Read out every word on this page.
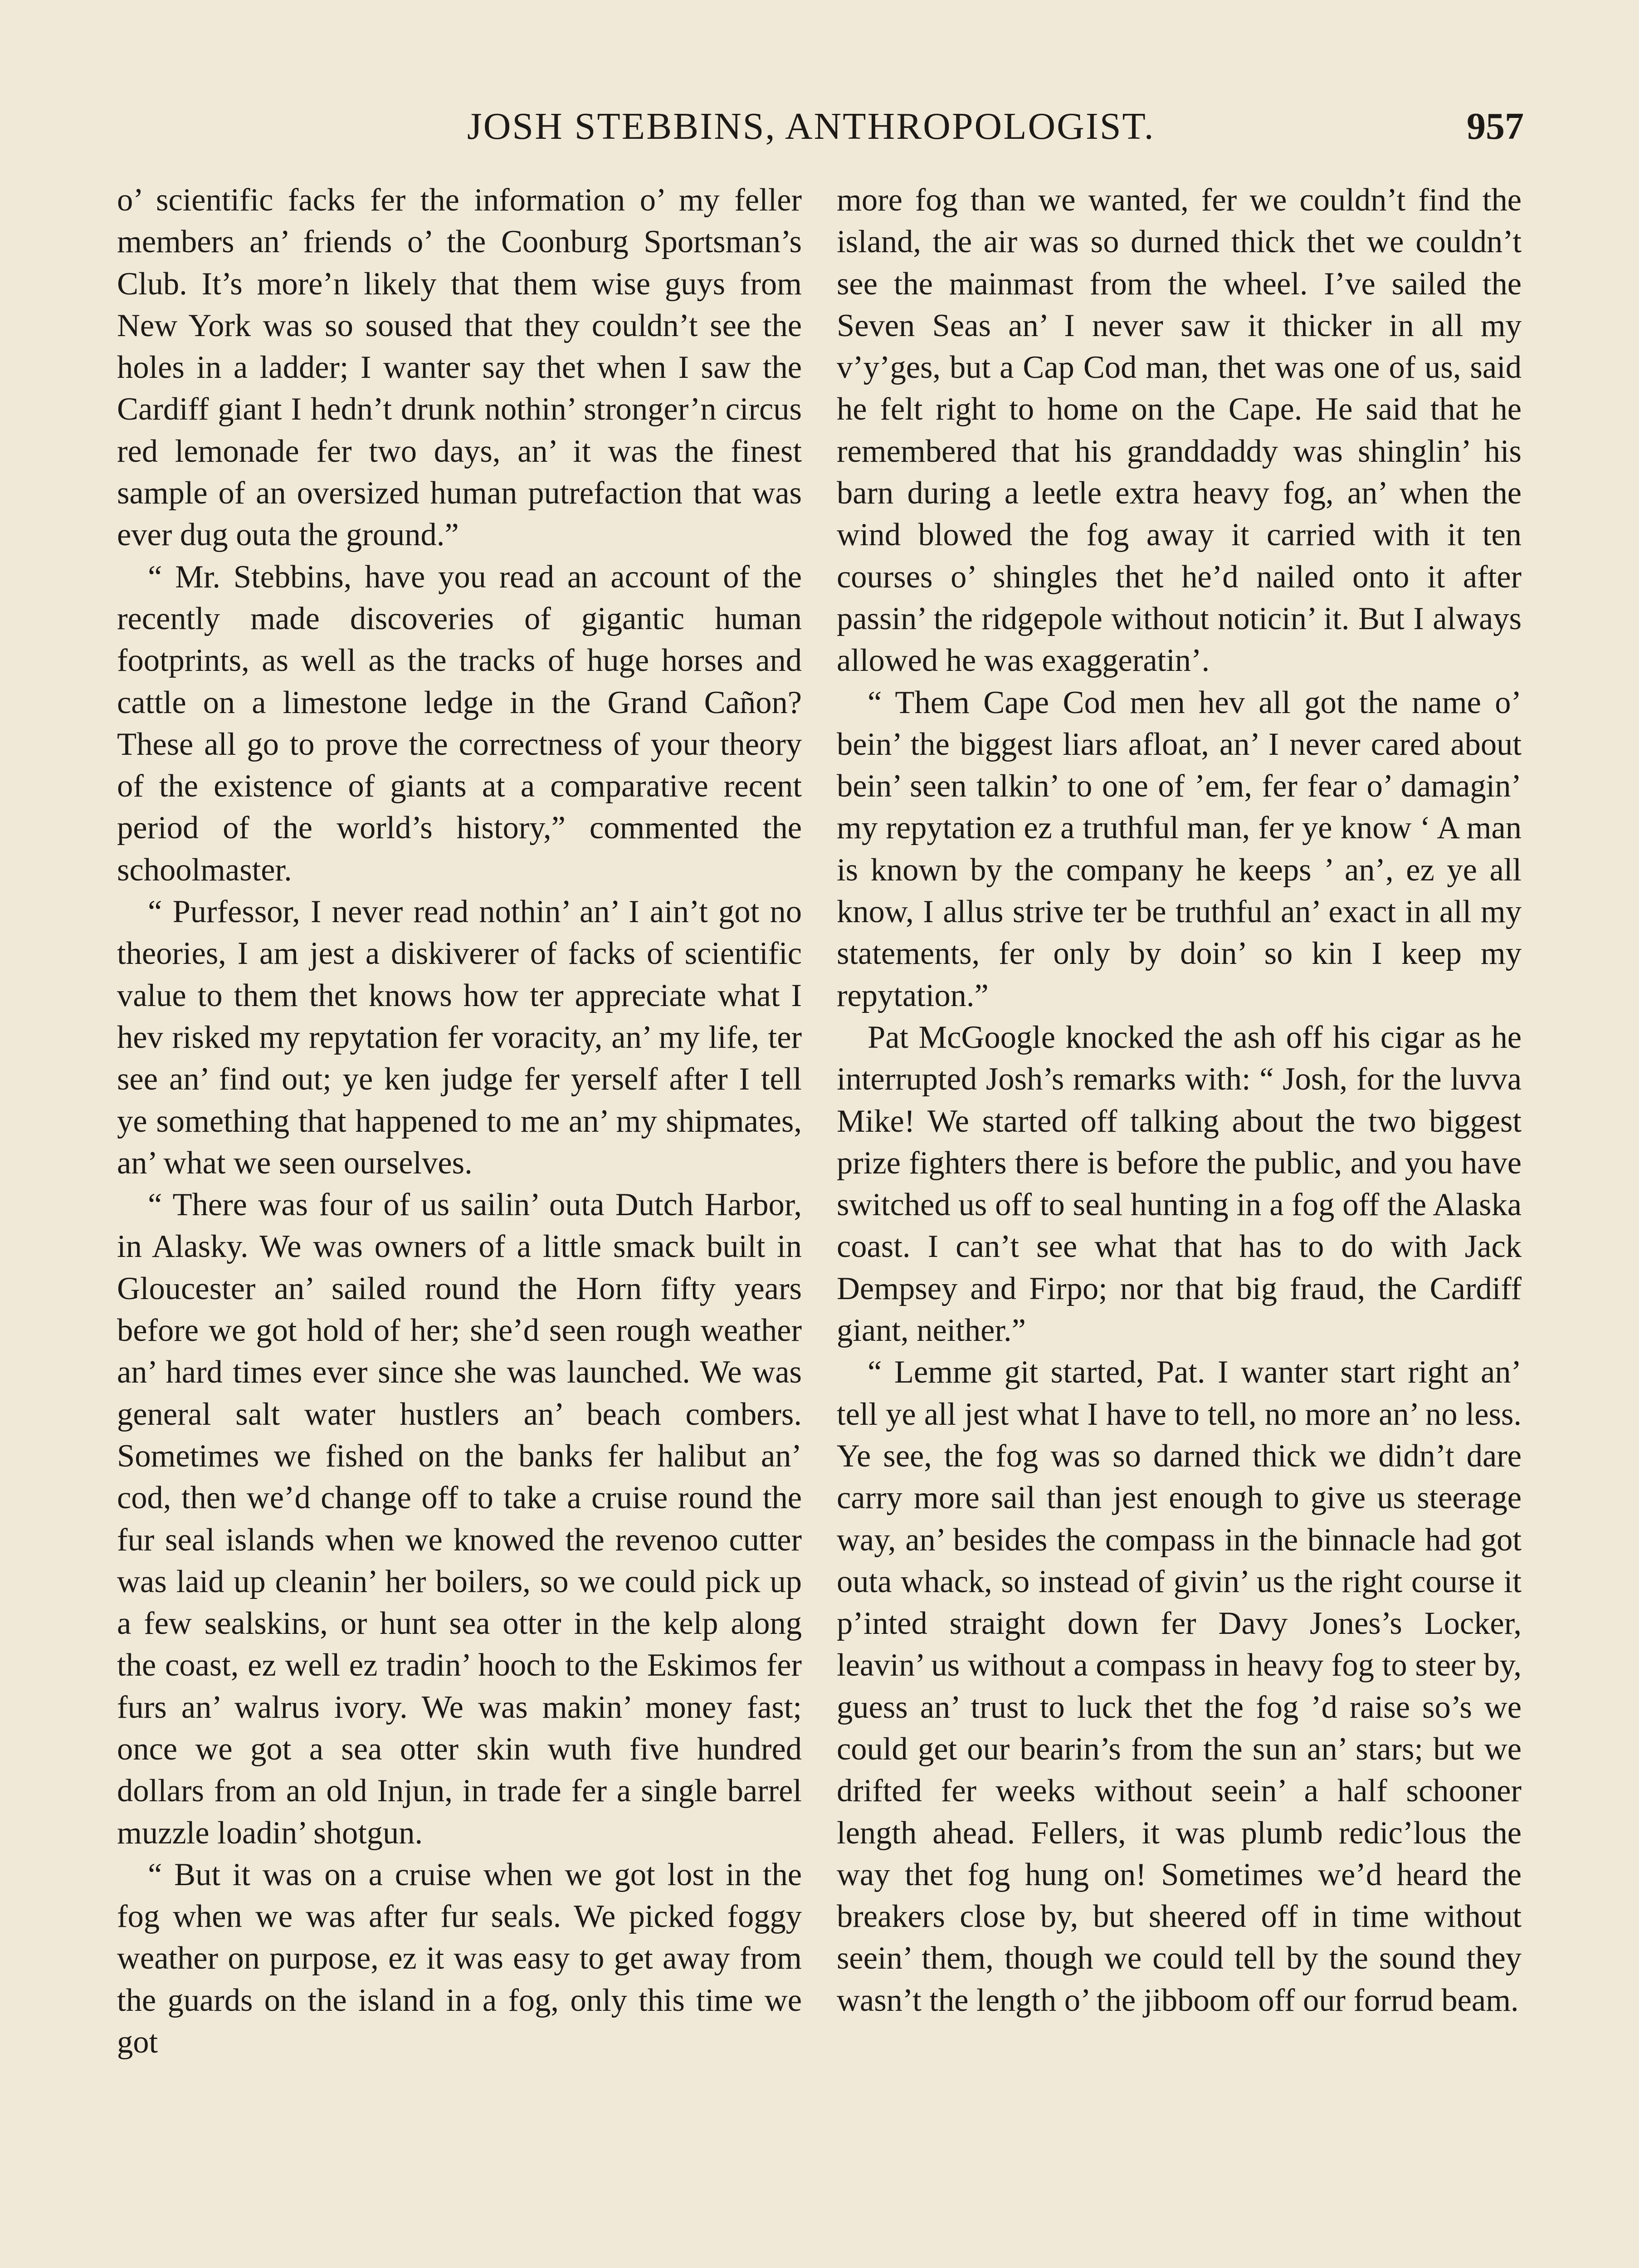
JOSH STEBBINS, ANTHROPOLOGIST.	957

o’ scientific facks fer the information o’ my feller members an’ friends o’ the Coonburg Sportsman’s Club. It’s more’n likely that them wise guys from New York was so soused that they couldn’t see the holes in a ladder; I wanter say thet when I saw the Cardiff giant I hedn’t drunk nothin’ stronger’n circus red lemonade fer two days, an’ it was the finest sample of an oversized human putrefaction that was ever dug outa the ground.”

“ Mr. Stebbins, have you read an account of the recently made discoveries of gigantic human footprints, as well as the tracks of huge horses and cattle on a limestone ledge in the Grand Cañon? These all go to prove the correctness of your theory of the existence of giants at a comparative recent period of the world’s history,” commented the schoolmaster.

“ Purfessor, I never read nothin’ an’ I ain’t got no theories, I am jest a diskiverer of facks of scientific value to them thet knows how ter appreciate what I hev risked my repytation fer voracity, an’ my life, ter see an’ find out; ye ken judge fer yerself after I tell ye something that happened to me an’ my shipmates, an’ what we seen ourselves.

“ There was four of us sailin’ outa Dutch Harbor, in Alasky. We was owners of a little smack built in Gloucester an’ sailed round the Horn fifty years before we got hold of her; she’d seen rough weather an’ hard times ever since she was launched. We was general salt water hustlers an’ beach combers. Sometimes we fished on the banks fer halibut an’ cod, then we’d change off to take a cruise round the fur seal islands when we knowed the revenoo cutter was laid up cleanin’ her boilers, so we could pick up a few sealskins, or hunt sea otter in the kelp along the coast, ez well ez tradin’ hooch to the Eskimos fer furs an’ walrus ivory. We was makin’ money fast; once we got a sea otter skin wuth five hundred dollars from an old Injun, in trade fer a single barrel muzzle loadin’ shotgun.

“ But it was on a cruise when we got lost in the fog when we was after fur seals. We picked foggy weather on purpose, ez it was easy to get away from the guards on the island in a fog, only this time we got

more fog than we wanted, fer we couldn’t find the island, the air was so durned thick thet we couldn’t see the mainmast from the wheel. I’ve sailed the Seven Seas an’ I never saw it thicker in all my v’y’ges, but a Cap Cod man, thet was one of us, said he felt right to home on the Cape. He said that he remembered that his granddaddy was shinglin’ his barn during a leetle extra heavy fog, an’ when the wind blowed the fog away it carried with it ten courses o’ shingles thet he’d nailed onto it after passin’ the ridgepole without noticin’ it. But I always allowed he was exaggeratin’.

“ Them Cape Cod men hev all got the name o’ bein’ the biggest liars afloat, an’ I never cared about bein’ seen talkin’ to one of ’em, fer fear o’ damagin’ my repytation ez a truthful man, fer ye know ‘ A man is known by the company he keeps ’ an’, ez ye all know, I allus strive ter be truthful an’ exact in all my statements, fer only by doin’ so kin I keep my repytation.”

Pat McGoogle knocked the ash off his cigar as he interrupted Josh’s remarks with: “ Josh, for the luvva Mike! We started off talking about the two biggest prize fighters there is before the public, and you have switched us off to seal hunting in a fog off the Alaska coast. I can’t see what that has to do with Jack Dempsey and Firpo; nor that big fraud, the Cardiff giant, neither.”

“ Lemme git started, Pat. I wanter start right an’ tell ye all jest what I have to tell, no more an’ no less. Ye see, the fog was so darned thick we didn’t dare carry more sail than jest enough to give us steerage way, an’ besides the compass in the binnacle had got outa whack, so instead of givin’ us the right course it p’inted straight down fer Davy Jones’s Locker, leavin’ us without a compass in heavy fog to steer by, guess an’ trust to luck thet the fog ’d raise so’s we could get our bearin’s from the sun an’ stars; but we drifted fer weeks without seein’ a half schooner length ahead. Fellers, it was plumb redic’lous the way thet fog hung on! Sometimes we’d heard the breakers close by, but sheered off in time without seein’ them, though we could tell by the sound they wasn’t the length o’ the jibboom off our forrud beam.
